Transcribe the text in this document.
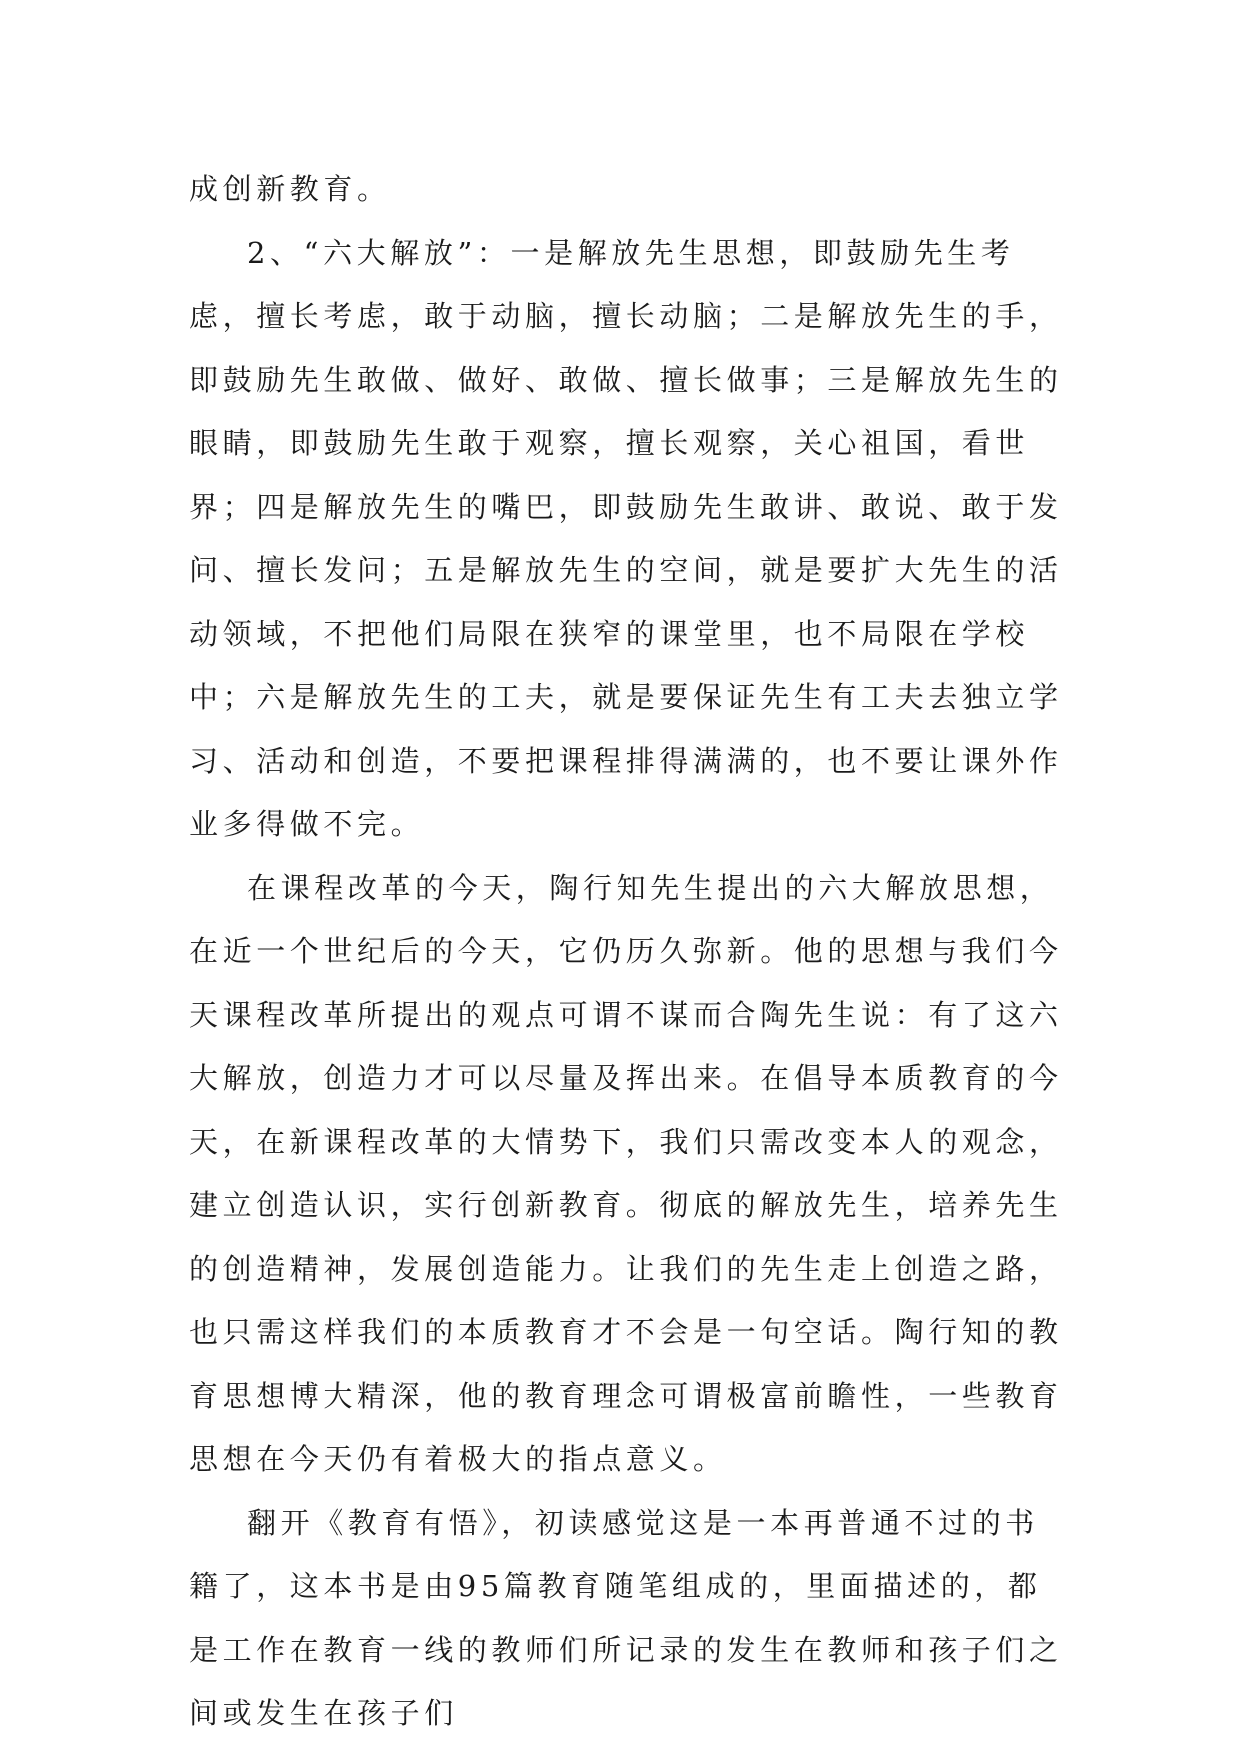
成创新教育。

2、“六大解放”：一是解放先生思想，即鼓励先生考虑，擅长考虑，敢于动脑，擅长动脑；二是解放先生的手，即鼓励先生敢做、做好、敢做、擅长做事；三是解放先生的眼睛，即鼓励先生敢于观察，擅长观察，关心祖国，看世界；四是解放先生的嘴巴，即鼓励先生敢讲、敢说、敢于发问、擅长发问；五是解放先生的空间，就是要扩大先生的活动领域，不把他们局限在狭窄的课堂里，也不局限在学校中；六是解放先生的工夫，就是要保证先生有工夫去独立学习、活动和创造，不要把课程排得满满的，也不要让课外作业多得做不完。

在课程改革的今天，陶行知先生提出的六大解放思想，在近一个世纪后的今天，它仍历久弥新。他的思想与我们今天课程改革所提出的观点可谓不谋而合陶先生说：有了这六大解放，创造力才可以尽量及挥出来。在倡导本质教育的今天，在新课程改革的大情势下，我们只需改变本人的观念，建立创造认识，实行创新教育。彻底的解放先生，培养先生的创造精神，发展创造能力。让我们的先生走上创造之路，也只需这样我们的本质教育才不会是一句空话。陶行知的教育思想博大精深，他的教育理念可谓极富前瞻性，一些教育思想在今天仍有着极大的指点意义。

翻开《教育有悟》，初读感觉这是一本再普通不过的书籍了，这本书是由95篇教育随笔组成的，里面描述的，都是工作在教育一线的教师们所记录的发生在教师和孩子们之间或发生在孩子们
